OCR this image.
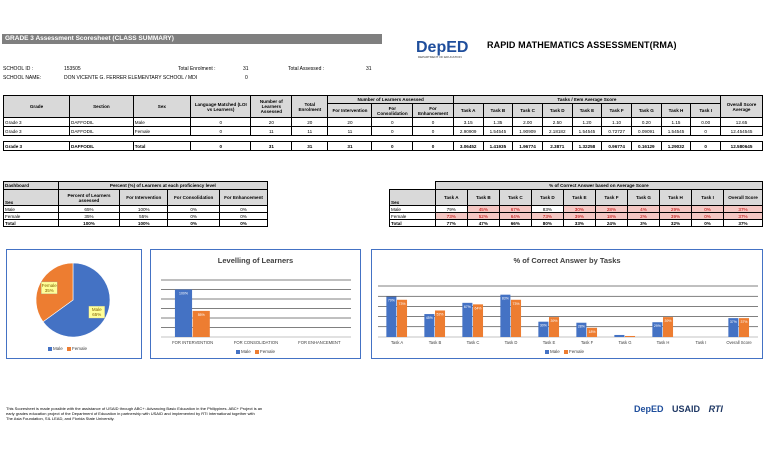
GRADE 3 Assessment Scoresheet (CLASS SUMMARY)
DepED
DEPARTMENT OF EDUCATION
RAPID MATHEMATICS ASSESSMENT(RMA)
SCHOOL ID :	153505
SCHOOL NAME:	DON VICENTE G. FERRER ELEMENTARY SCHOOL / MDI
Total Enrolment :	31
0
Total Assessed :	31
Grade	Section	Sex	Language Matched (LOI vs Learners)	Number of Learners Assessed	Total Enrolment	Number of Learners Assessed			Tasks / Item Average Score									Overall Score Average
						For Intervention	For Consolidation	For Enhancement	Task A	Task B	Task C	Task D	Task E	Task F	Task G	Task H	Task I	
Grade 3	DAFFODIL	Male	0	20	20	20	0	0	3.15	1.35	2.00	2.50	1.20	1.10	0.20	1.15	0.00	12.65
Grade 3	DAFFODIL	Female	0	11	11	11	0	0	2.90909	1.54545	1.90909	2.18182	1.54545	0.72727	0.09091	1.54545	0	12.454545

Grade 3	DAFFODIL	Total	0	31	31	31	0	0	3.06452	1.41935	1.96774	2.3871	1.32258	0.96774	0.16129	1.29032	0	12.580645
Dashboard	Percent (%) of Learners at each proficiency level			
Sex	Percent of Learners assessed	For Intervention	For Consolidation	For Enhancement
Male	65%	100%	0%	0%
Female	35%	55%	0%	0%
Total	100%	100%	0%	0%
	% of Correct Answer based on Average Score									
Sex	Task A	Task B	Task C	Task D	Task E	Task F	Task G	Task H	Task I	Overall Score
Male	79%	45%	67%	83%	30%	28%	4%	29%	0%	37%
Female	73%	52%	64%	73%	39%	18%	2%	39%	0%	37%
Total	77%	47%	66%	80%	33%	24%	3%	32%	0%	37%
Male
65%
Female
35%
Male Female
Levelling of Learners
100%
55%
FOR INTERVENTION	FOR CONSOLIDATION	FOR ENHANCEMENT
Male Female
% of Correct Answer by Tasks
79%
73%
Task A
45%
52%
Task B
67% 64%
Task C
83%
73%
Task D
30%
39%
Task E
28%
18%
Task F	Task G
29%
39%
Task H	Task I
37% 37%
Overall Score
Male Female
This Scoresheet is made possible with the assistance of USAID through ABC+: Advancing Basic Education in the Philippines. ABC+ Project is an
early grades education project of the Department of Education in partnership with USAID and implemented by RTI International together with
The Asia Foundation, SIL LEAD, and Florida State University.
DepED USAID RTI
